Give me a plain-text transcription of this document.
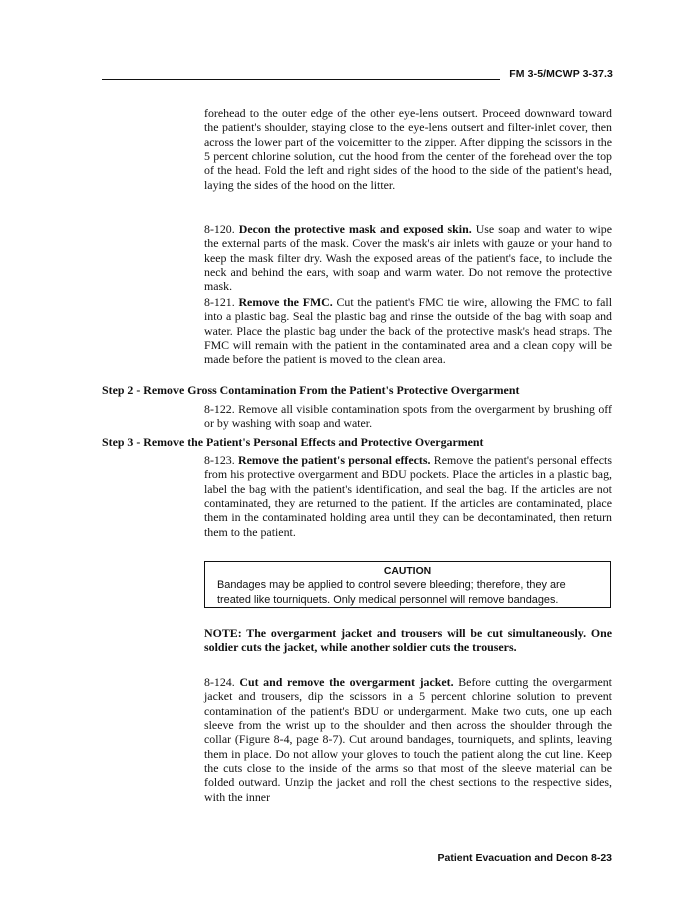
FM 3-5/MCWP 3-37.3

forehead to the outer edge of the other eye-lens outsert. Proceed downward toward the patient's shoulder, staying close to the eye-lens outsert and filter-inlet cover, then across the lower part of the voicemitter to the zipper. After dipping the scissors in the 5 percent chlorine solution, cut the hood from the center of the forehead over the top of the head. Fold the left and right sides of the hood to the side of the patient's head, laying the sides of the hood on the litter.

8-120. Decon the protective mask and exposed skin. Use soap and water to wipe the external parts of the mask. Cover the mask's air inlets with gauze or your hand to keep the mask filter dry. Wash the exposed areas of the patient's face, to include the neck and behind the ears, with soap and warm water. Do not remove the protective mask.

8-121. Remove the FMC. Cut the patient's FMC tie wire, allowing the FMC to fall into a plastic bag. Seal the plastic bag and rinse the outside of the bag with soap and water. Place the plastic bag under the back of the protective mask's head straps. The FMC will remain with the patient in the contaminated area and a clean copy will be made before the patient is moved to the clean area.

Step 2 - Remove Gross Contamination From the Patient's Protective Overgarment

8-122. Remove all visible contamination spots from the overgarment by brushing off or by washing with soap and water.

Step 3 - Remove the Patient's Personal Effects and Protective Overgarment

8-123. Remove the patient's personal effects. Remove the patient's personal effects from his protective overgarment and BDU pockets. Place the articles in a plastic bag, label the bag with the patient's identification, and seal the bag. If the articles are not contaminated, they are returned to the patient. If the articles are contaminated, place them in the contaminated holding area until they can be decontaminated, then return them to the patient.

CAUTION
Bandages may be applied to control severe bleeding; therefore, they are treated like tourniquets. Only medical personnel will remove bandages.
NOTE: The overgarment jacket and trousers will be cut simultaneously. One soldier cuts the jacket, while another soldier cuts the trousers.

8-124. Cut and remove the overgarment jacket. Before cutting the overgarment jacket and trousers, dip the scissors in a 5 percent chlorine solution to prevent contamination of the patient's BDU or undergarment. Make two cuts, one up each sleeve from the wrist up to the shoulder and then across the shoulder through the collar (Figure 8-4, page 8-7). Cut around bandages, tourniquets, and splints, leaving them in place. Do not allow your gloves to touch the patient along the cut line. Keep the cuts close to the inside of the arms so that most of the sleeve material can be folded outward. Unzip the jacket and roll the chest sections to the respective sides, with the inner

Patient Evacuation and Decon 8-23
